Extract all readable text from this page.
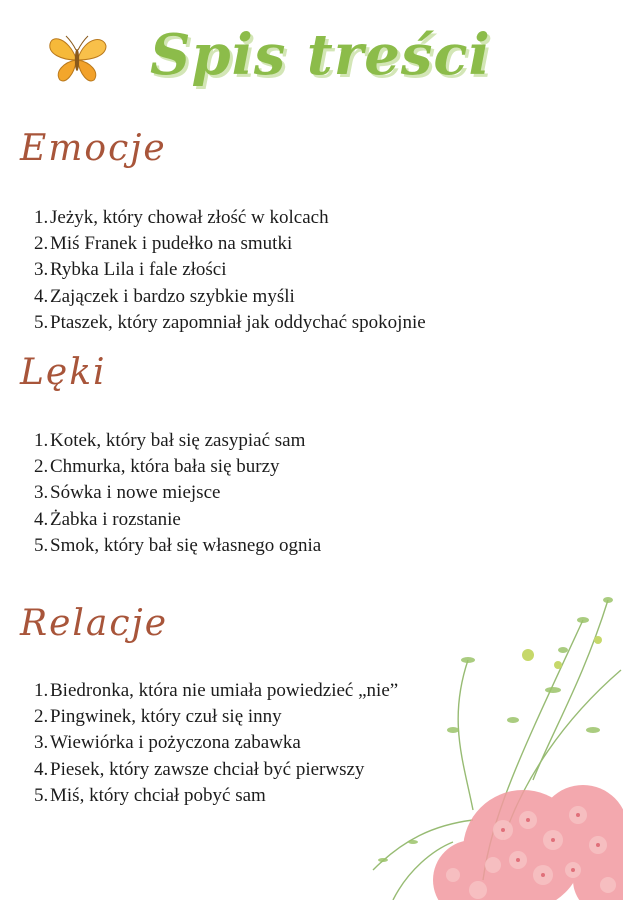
Spis treści
Emocje
1.Jeżyk, który chował złość w kolcach
2.Miś Franek i pudełko na smutki
3.Rybka Lila i fale złości
4.Zajączek i bardzo szybkie myśli
5.Ptaszek, który zapomniał jak oddychać spokojnie
Lęki
1.Kotek, który bał się zasypiać sam
2.Chmurka, która bała się burzy
3.Sówka i nowe miejsce
4.Żabka i rozstanie
5.Smok, który bał się własnego ognia
Relacje
1.Biedronka, która nie umiała powiedzieć „nie”
2.Pingwinek, który czuł się inny
3.Wiewiórka i pożyczona zabawka
4.Piesek, który zawsze chciał być pierwszy
5.Miś, który chciał pobyć sam
